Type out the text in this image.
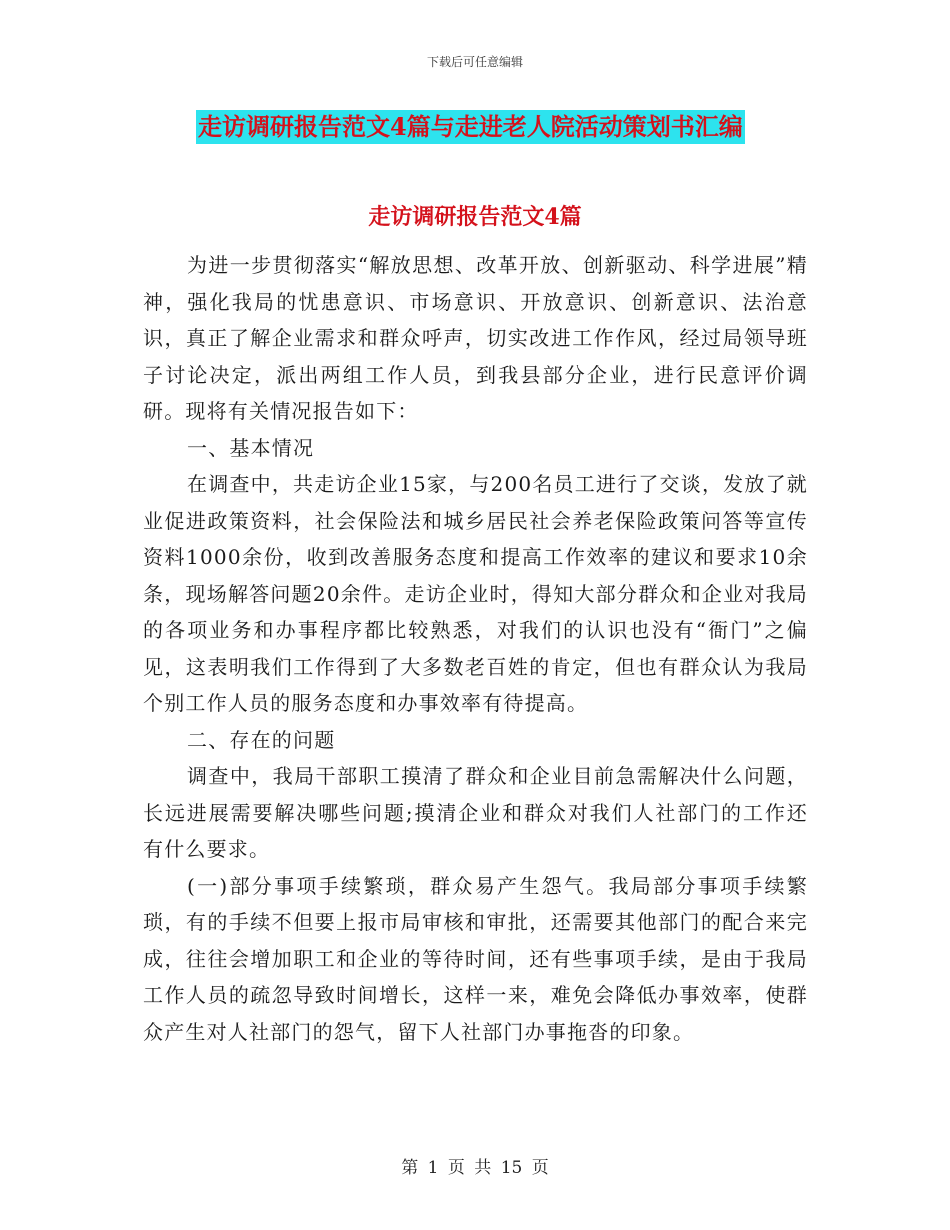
下载后可任意编辑
走访调研报告范文4篇与走进老人院活动策划书汇编
走访调研报告范文4篇

为进一步贯彻落实“解放思想、改革开放、创新驱动、科学进展”精神，强化我局的忧患意识、市场意识、开放意识、创新意识、法治意识，真正了解企业需求和群众呼声，切实改进工作作风，经过局领导班子讨论决定，派出两组工作人员，到我县部分企业，进行民意评价调研。现将有关情况报告如下：

一、基本情况

在调查中，共走访企业15家，与200名员工进行了交谈，发放了就业促进政策资料，社会保险法和城乡居民社会养老保险政策问答等宣传资料1000余份，收到改善服务态度和提高工作效率的建议和要求10余条，现场解答问题20余件。走访企业时，得知大部分群众和企业对我局的各项业务和办事程序都比较熟悉，对我们的认识也没有“衙门”之偏见，这表明我们工作得到了大多数老百姓的肯定，但也有群众认为我局个别工作人员的服务态度和办事效率有待提高。

二、存在的问题

调查中，我局干部职工摸清了群众和企业目前急需解决什么问题，长远进展需要解决哪些问题;摸清企业和群众对我们人社部门的工作还有什么要求。

(一)部分事项手续繁琐，群众易产生怨气。我局部分事项手续繁琐，有的手续不但要上报市局审核和审批，还需要其他部门的配合来完成，往往会增加职工和企业的等待时间，还有些事项手续，是由于我局工作人员的疏忽导致时间增长，这样一来，难免会降低办事效率，使群众产生对人社部门的怨气，留下人社部门办事拖沓的印象。

第 1 页 共 15 页
